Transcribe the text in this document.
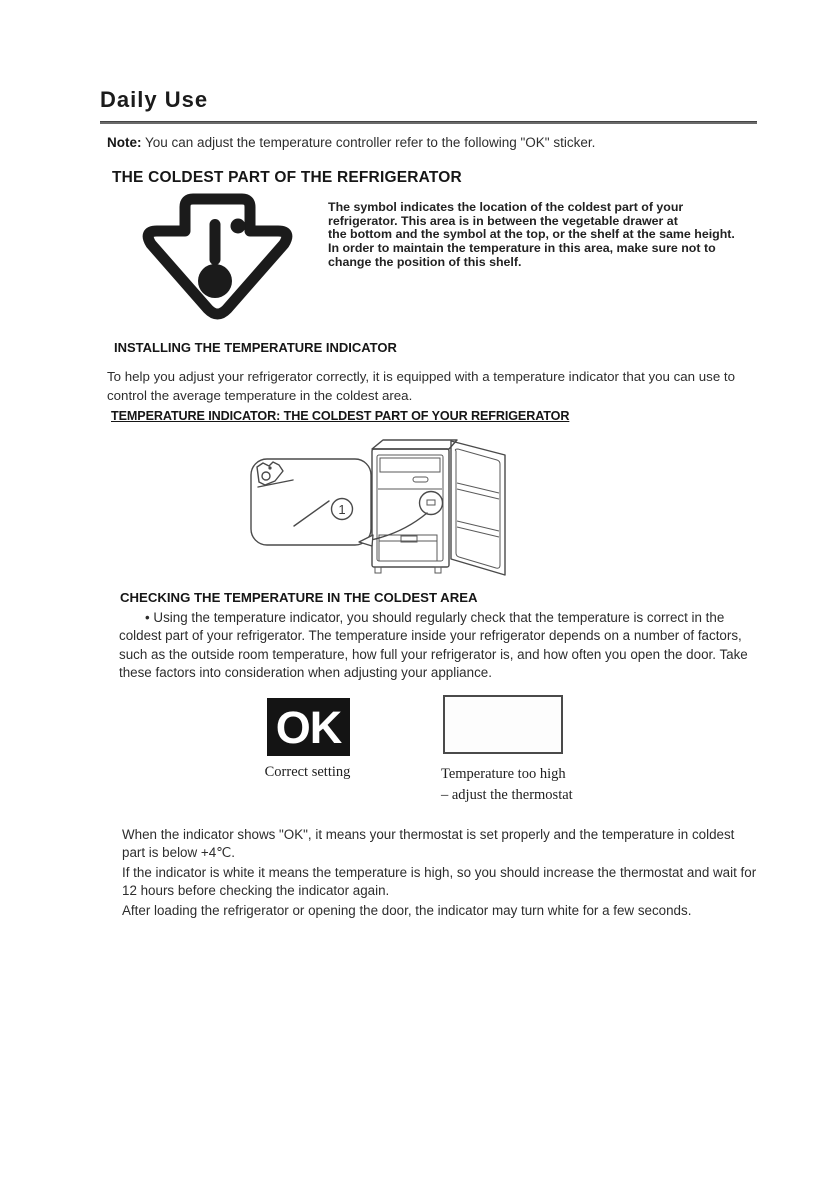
Daily Use
Note: You can adjust the temperature controller refer to the following "OK" sticker.
THE COLDEST PART OF THE REFRIGERATOR
The symbol indicates the location of the coldest part of your
refrigerator. This area is in between the vegetable drawer at
the bottom and the symbol at the top, or the shelf at the same height.
In order to maintain the temperature in this area, make sure not to
change the position of this shelf.
INSTALLING THE TEMPERATURE INDICATOR
To help you adjust your refrigerator correctly, it is equipped with a temperature indicator that you can use to control the average temperature in the coldest area.
TEMPERATURE INDICATOR: THE COLDEST PART OF YOUR REFRIGERATOR
1
CHECKING THE TEMPERATURE IN THE COLDEST AREA
• Using the temperature indicator, you should regularly check that the temperature is correct in the coldest part of your refrigerator. The temperature inside your refrigerator depends on a number of factors, such as the outside room temperature, how full your refrigerator is, and how often you open the door. Take these factors into consideration when adjusting your appliance.
OK
Correct setting	Temperature too high
– adjust the thermostat

When the indicator shows "OK", it means your thermostat is set properly and the temperature in coldest part is below +4℃.

If the indicator is white it means the temperature is high, so you should increase the thermostat and wait for 12 hours before checking the indicator again.

After loading the refrigerator or opening the door, the indicator may turn white for a few seconds.
